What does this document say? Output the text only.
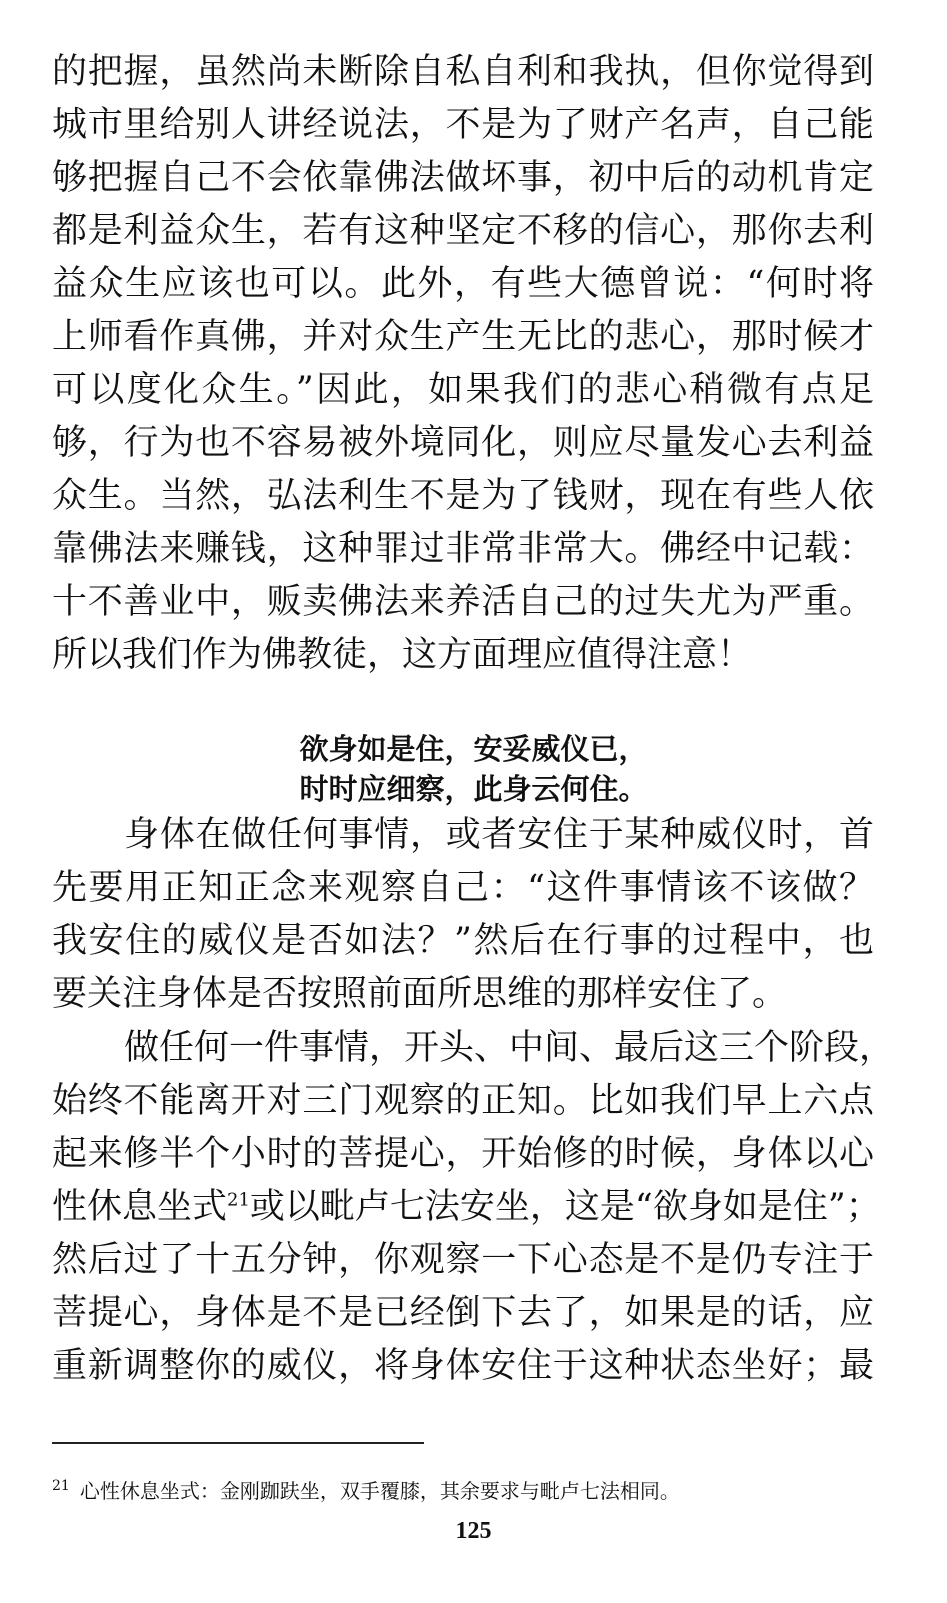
的把握，虽然尚未断除自私自利和我执，但你觉得到
城市里给别人讲经说法，不是为了财产名声，自己能
够把握自己不会依靠佛法做坏事，初中后的动机肯定
都是利益众生，若有这种坚定不移的信心，那你去利
益众生应该也可以。此外，有些大德曾说：“何时将
上师看作真佛，并对众生产生无比的悲心，那时候才
可以度化众生。”因此，如果我们的悲心稍微有点足
够，行为也不容易被外境同化，则应尽量发心去利益
众生。当然，弘法利生不是为了钱财，现在有些人依
靠佛法来赚钱，这种罪过非常非常大。佛经中记载：
十不善业中，贩卖佛法来养活自己的过失尤为严重。
所以我们作为佛教徒，这方面理应值得注意！
欲身如是住，安妥威仪已，
时时应细察，此身云何住。
身体在做任何事情，或者安住于某种威仪时，首
先要用正知正念来观察自己：“这件事情该不该做？
我安住的威仪是否如法？”然后在行事的过程中，也
要关注身体是否按照前面所思维的那样安住了。
做任何一件事情，开头、中间、最后这三个阶段，
始终不能离开对三门观察的正知。比如我们早上六点
起来修半个小时的菩提心，开始修的时候，身体以心
性休息坐式$^{21}$或以毗卢七法安坐，这是“欲身如是住”；
然后过了十五分钟，你观察一下心态是不是仍专注于
菩提心，身体是不是已经倒下去了，如果是的话，应
重新调整你的威仪，将身体安住于这种状态坐好；最
$^{21}$ 心性休息坐式：金刚跏趺坐，双手覆膝，其余要求与毗卢七法相同。
125
